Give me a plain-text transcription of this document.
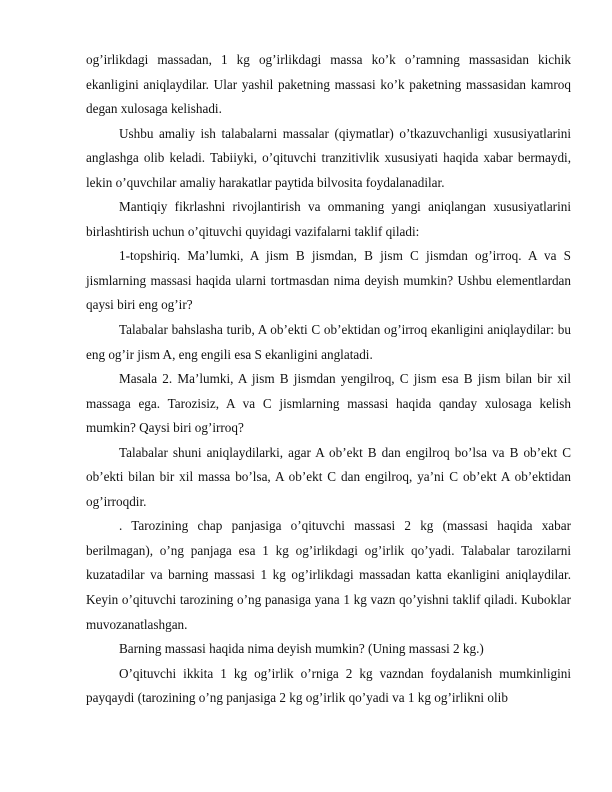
og’irlikdagi massadan, 1 kg og’irlikdagi massa ko’k o’ramning massasidan kichik ekanligini aniqlaydilar. Ular yashil paketning massasi ko’k paketning massasidan kamroq degan xulosaga kelishadi.

Ushbu amaliy ish talabalarni massalar (qiymatlar) o’tkazuvchanligi xususiyatlarini anglashga olib keladi. Tabiiyki, o’qituvchi tranzitivlik xususiyati haqida xabar bermaydi, lekin o’quvchilar amaliy harakatlar paytida bilvosita foydalanadilar.

Mantiqiy fikrlashni rivojlantirish va ommaning yangi aniqlangan xususiyatlarini birlashtirish uchun o’qituvchi quyidagi vazifalarni taklif qiladi:

1-topshiriq. Ma’lumki, A jism B jismdan, B jism C jismdan og’irroq. A va S jismlarning massasi haqida ularni tortmasdan nima deyish mumkin? Ushbu elementlardan qaysi biri eng og’ir?

Talabalar bahslasha turib, A ob’ekti C ob’ektidan og’irroq ekanligini aniqlaydilar: bu eng og’ir jism A, eng engili esa S ekanligini anglatadi.

Masala 2. Ma’lumki, A jism B jismdan yengilroq, C jism esa B jism bilan bir xil massaga ega. Tarozisiz, A va C jismlarning massasi haqida qanday xulosaga kelish mumkin? Qaysi biri og’irroq?

Talabalar shuni aniqlaydilarki, agar A ob’ekt B dan engilroq bo’lsa va B ob’ekt C ob’ekti bilan bir xil massa bo’lsa, A ob’ekt C dan engilroq, ya’ni C ob’ekt A ob’ektidan og’irroqdir.

. Tarozining chap panjasiga o’qituvchi massasi 2 kg (massasi haqida xabar berilmagan), o’ng panjaga esa 1 kg og’irlikdagi og’irlik qo’yadi. Talabalar tarozilarni kuzatadilar va barning massasi 1 kg og’irlikdagi massadan katta ekanligini aniqlaydilar. Keyin o’qituvchi tarozining o’ng panasiga yana 1 kg vazn qo’yishni taklif qiladi. Kuboklar muvozanatlashgan.

Barning massasi haqida nima deyish mumkin? (Uning massasi 2 kg.)

O’qituvchi ikkita 1 kg og’irlik o’rniga 2 kg vazndan foydalanish mumkinligini payqaydi (tarozining o’ng panjasiga 2 kg og’irlik qo’yadi va 1 kg og’irlikni olib
